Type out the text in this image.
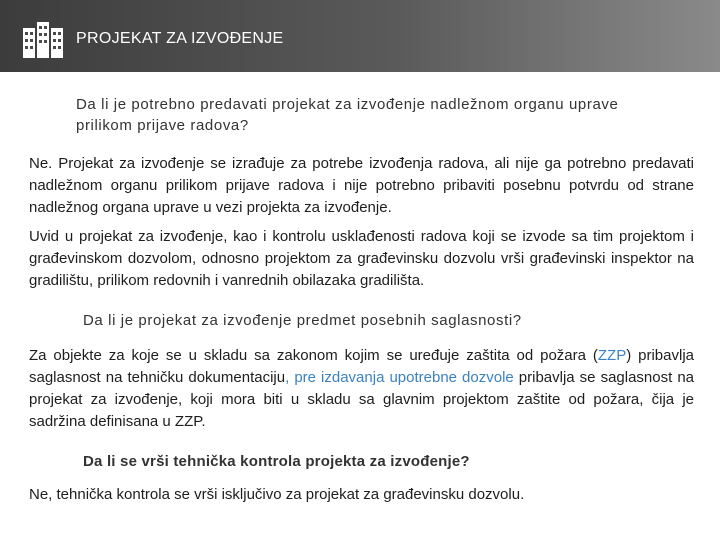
PROJEKAT ZA IZVOĐENJE
Da li je potrebno predavati projekat za izvođenje nadležnom organu uprave prilikom prijave radova?
Ne. Projekat za izvođenje se izrađuje za potrebe izvođenja radova, ali nije ga potrebno predavati nadležnom organu prilikom prijave radova i nije potrebno pribaviti posebnu potvrdu od strane nadležnog organa uprave u vezi projekta za izvođenje.
Uvid u projekat za izvođenje, kao i kontrolu usklađenosti radova koji se izvode sa tim projektom i građevinskom dozvolom, odnosno projektom za građevinsku dozvolu vrši građevinski inspektor na gradilištu, prilikom redovnih i vanrednih obilazaka gradilišta.
Da li je projekat za izvođenje predmet posebnih saglasnosti?
Za objekte za koje se u skladu sa zakonom kojim se uređuje zaštita od požara (ZZP) pribavlja saglasnost na tehničku dokumentaciju, pre izdavanja upotrebne dozvole pribavlja se saglasnost na projekat za izvođenje, koji mora biti u skladu sa glavnim projektom zaštite od požara, čija je sadržina definisana u ZZP.
Da li se vrši tehnička kontrola projekta za izvođenje?
Ne, tehnička kontrola se vrši isključivo za projekat za građevinsku dozvolu.
